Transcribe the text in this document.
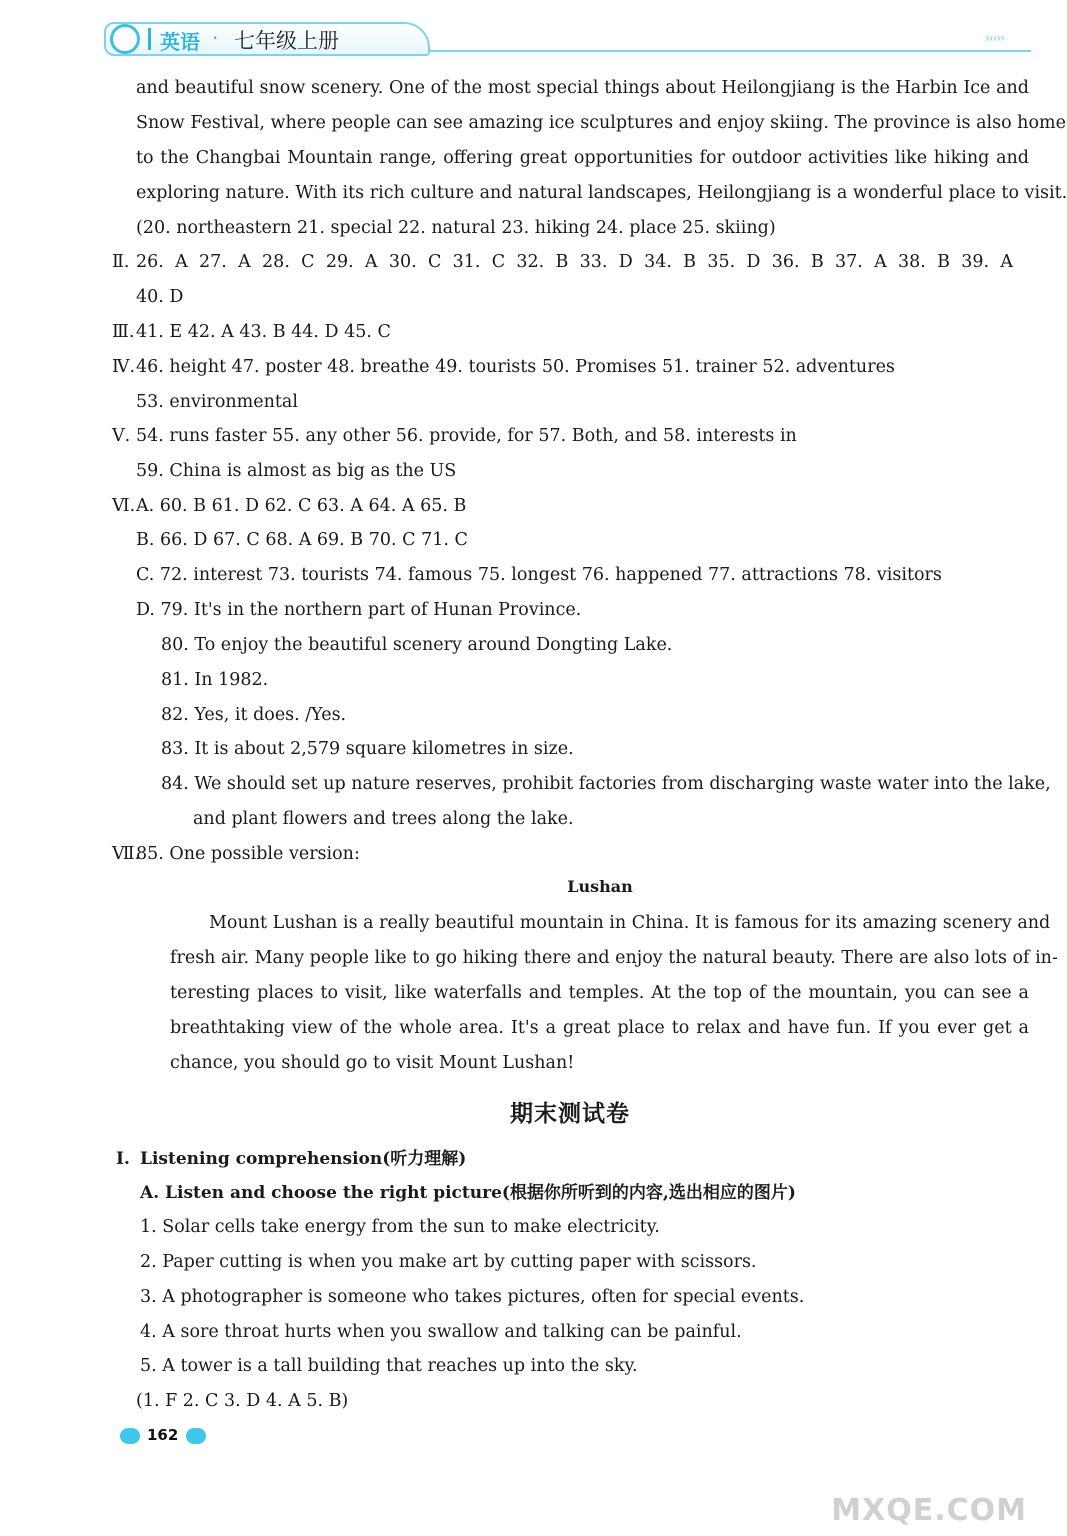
英语 · 七年级上册	›››››

and beautiful snow scenery. One of the most special things about Heilongjiang is the Harbin Ice and

Snow Festival, where people can see amazing ice sculptures and enjoy skiing. The province is also home

to the Changbai Mountain range, offering great opportunities for outdoor activities like hiking and

exploring nature. With its rich culture and natural landscapes, Heilongjiang is a wonderful place to visit.

(20. northeastern 21. special 22. natural 23. hiking 24. place 25. skiing)

Ⅱ. 26. A 27. A 28. C 29. A 30. C 31. C 32. B 33. D 34. B 35. D 36. B 37. A 38. B 39. A

40. D

Ⅲ. 41. E 42. A 43. B 44. D 45. C

Ⅳ. 46. height 47. poster 48. breathe 49. tourists 50. Promises 51. trainer 52. adventures

53. environmental

Ⅴ. 54. runs faster 55. any other 56. provide, for 57. Both, and 58. interests in

59. China is almost as big as the US

Ⅵ. A. 60. B 61. D 62. C 63. A 64. A 65. B

B. 66. D 67. C 68. A 69. B 70. C 71. C

C. 72. interest 73. tourists 74. famous 75. longest 76. happened 77. attractions 78. visitors

D. 79. It's in the northern part of Hunan Province.

80. To enjoy the beautiful scenery around Dongting Lake.

81. In 1982.

82. Yes, it does. /Yes.

83. It is about 2,579 square kilometres in size.

84. We should set up nature reserves, prohibit factories from discharging waste water into the lake,

and plant flowers and trees along the lake.

Ⅶ.

85. One possible version:

Lushan

Mount Lushan is a really beautiful mountain in China. It is famous for its amazing scenery and

fresh air. Many people like to go hiking there and enjoy the natural beauty. There are also lots of in-

teresting places to visit, like waterfalls and temples. At the top of the mountain, you can see a

breathtaking view of the whole area. It's a great place to relax and have fun. If you ever get a

chance, you should go to visit Mount Lushan!

期末测试卷
Ⅰ. Listening comprehension(听力理解)

A. Listen and choose the right picture(根据你所听到的内容,选出相应的图片)

1. Solar cells take energy from the sun to make electricity.

2. Paper cutting is when you make art by cutting paper with scissors.

3. A photographer is someone who takes pictures, often for special events.

4. A sore throat hurts when you swallow and talking can be painful.

5. A tower is a tall building that reaches up into the sky.

(1. F 2. C 3. D 4. A 5. B)

162
MXQE.COM
